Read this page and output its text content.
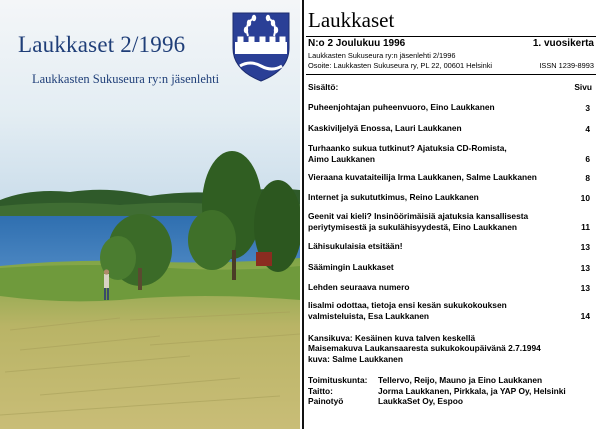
Laukkaset 2/1996
Laukkasten Sukuseura ry:n jäsenlehti
Laukkaset
N:o 2 Joulukuu 1996	1. vuosikerta
Laukkasten Sukuseura ry:n jäsenlehti 2/1996
Osoite: Laukkasten Sukuseura ry, PL 22, 00601 Helsinki	ISSN 1239-8993
Sisältö:	Sivu
Puheenjohtajan puheenvuoro, Eino Laukkanen	3
Kaskiviljelyä Enossa, Lauri Laukkanen	4
Turhaanko sukua tutkinut? Ajatuksia CD-Romista, Aimo Laukkanen	6
Vieraana kuvataiteilija Irma Laukkanen, Salme Laukkanen	8
Internet ja sukututkimus, Reino Laukkanen	10
Geenit vai kieli? Insinöörimäisiä ajatuksia kansallisesta periytymisestä ja sukulähisyydestä, Eino Laukkanen	11
Lähisukulaisia etsitään!	13
Säämingin Laukkaset	13
Lehden seuraava numero	13
Iisalmi odottaa, tietoja ensi kesän sukukokouksen valmisteluista, Esa Laukkanen	14
Kansikuva: Kesäinen kuva talven keskellä
Maisemakuva Laukansaaresta sukukokoupäivänä 2.7.1994
kuva: Salme Laukkanen
Toimituskunta:	Tellervo, Reijo, Mauno ja Eino Laukkanen
Taitto:	Jorma Laukkanen, Pirkkala, ja YAP Oy, Helsinki
Painotyö	LaukkaSet Oy, Espoo
